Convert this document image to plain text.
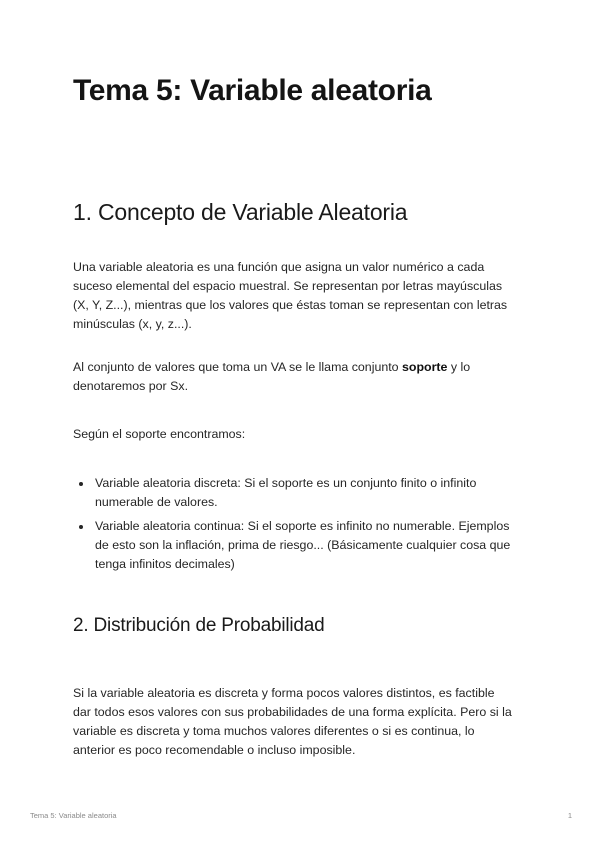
Tema 5: Variable aleatoria
1. Concepto de Variable Aleatoria

Una variable aleatoria es una función que asigna un valor numérico a cada
suceso elemental del espacio muestral. Se representan por letras mayúsculas
(X, Y, Z...), mientras que los valores que éstas toman se representan con letras
minúsculas (x, y, z...).

Al conjunto de valores que toma un VA se le llama conjunto soporte y lo
denotaremos por Sx.

Según el soporte encontramos:

Variable aleatoria discreta: Si el soporte es un conjunto finito o infinito
numerable de valores.
Variable aleatoria continua: Si el soporte es infinito no numerable. Ejemplos
de esto son la inflación, prima de riesgo... (Básicamente cualquier cosa que
tenga infinitos decimales)
2. Distribución de Probabilidad

Si la variable aleatoria es discreta y forma pocos valores distintos, es factible
dar todos esos valores con sus probabilidades de una forma explícita. Pero si la
variable es discreta y toma muchos valores diferentes o si es continua, lo
anterior es poco recomendable o incluso imposible.

Tema 5: Variable aleatoria	1
